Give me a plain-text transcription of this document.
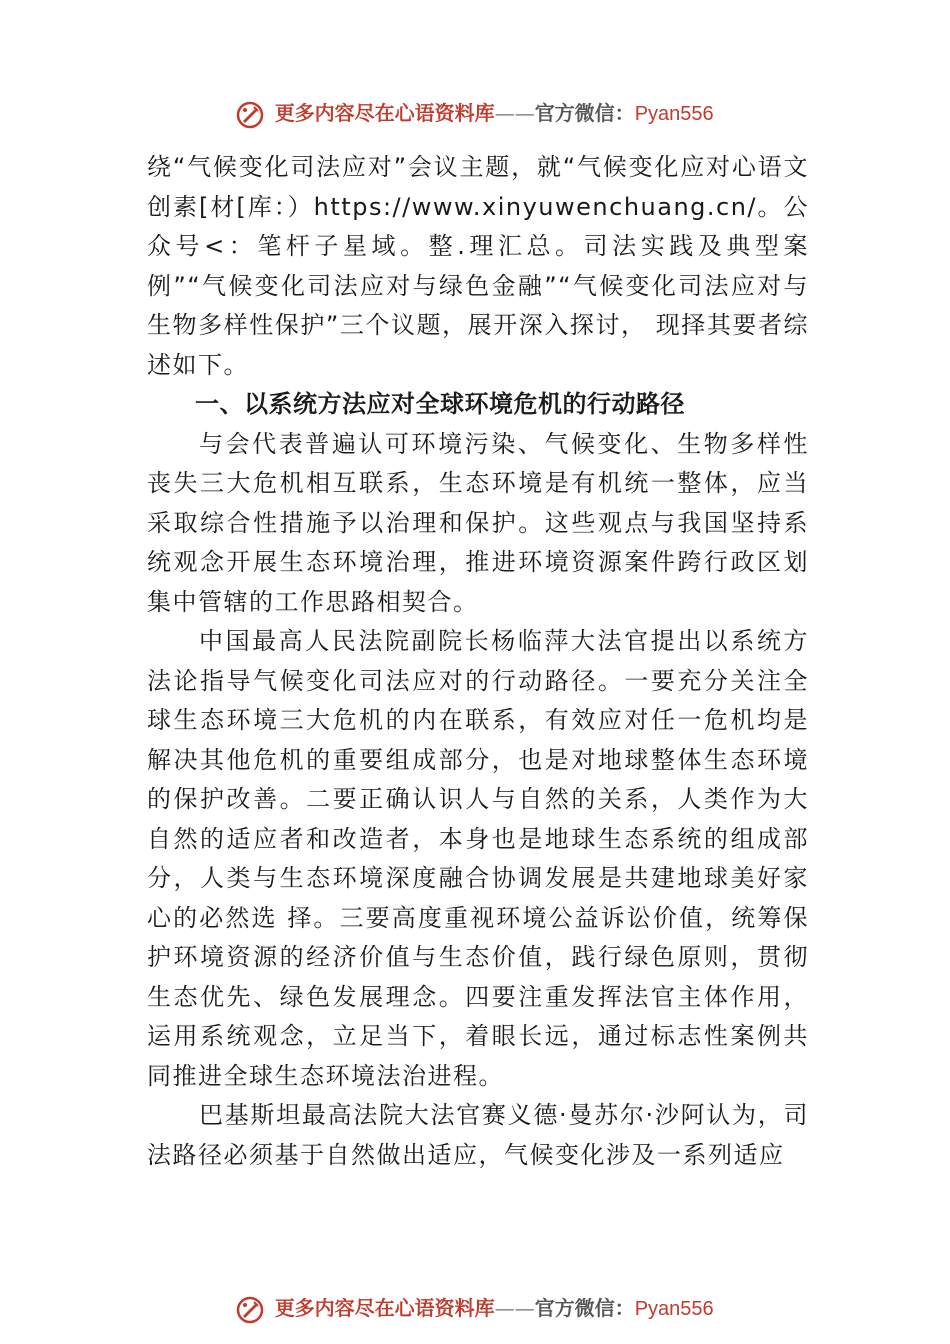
更多内容尽在心语资料库——官方微信：Pyan556

绕“气候变化司法应对”会议主题，就“气候变化应对心语文创素[材[库：）https://www.xinyuwenchuang.cn/。公众号<：笔杆子星域。整.理汇总。司法实践及典型案例”“气候变化司法应对与绿色金融”“气候变化司法应对与生物多样性保护”三个议题，展开深入探讨， 现择其要者综述如下。

一、以系统方法应对全球环境危机的行动路径

与会代表普遍认可环境污染、气候变化、生物多样性丧失三大危机相互联系，生态环境是有机统一整体，应当采取综合性措施予以治理和保护。这些观点与我国坚持系统观念开展生态环境治理，推进环境资源案件跨行政区划集中管辖的工作思路相契合。

中国最高人民法院副院长杨临萍大法官提出以系统方法论指导气候变化司法应对的行动路径。一要充分关注全球生态环境三大危机的内在联系，有效应对任一危机均是解决其他危机的重要组成部分，也是对地球整体生态环境的保护改善。二要正确认识人与自然的关系，人类作为大自然的适应者和改造者，本身也是地球生态系统的组成部分，人类与生态环境深度融合协调发展是共建地球美好家心的必然选 择。三要高度重视环境公益诉讼价值，统筹保护环境资源的经济价值与生态价值，践行绿色原则，贯彻生态优先、绿色发展理念。四要注重发挥法官主体作用，运用系统观念，立足当下，着眼长远，通过标志性案例共同推进全球生态环境法治进程。

巴基斯坦最高法院大法官赛义德·曼苏尔·沙阿认为，司法路径必须基于自然做出适应，气候变化涉及一系列适应

更多内容尽在心语资料库——官方微信：Pyan556
